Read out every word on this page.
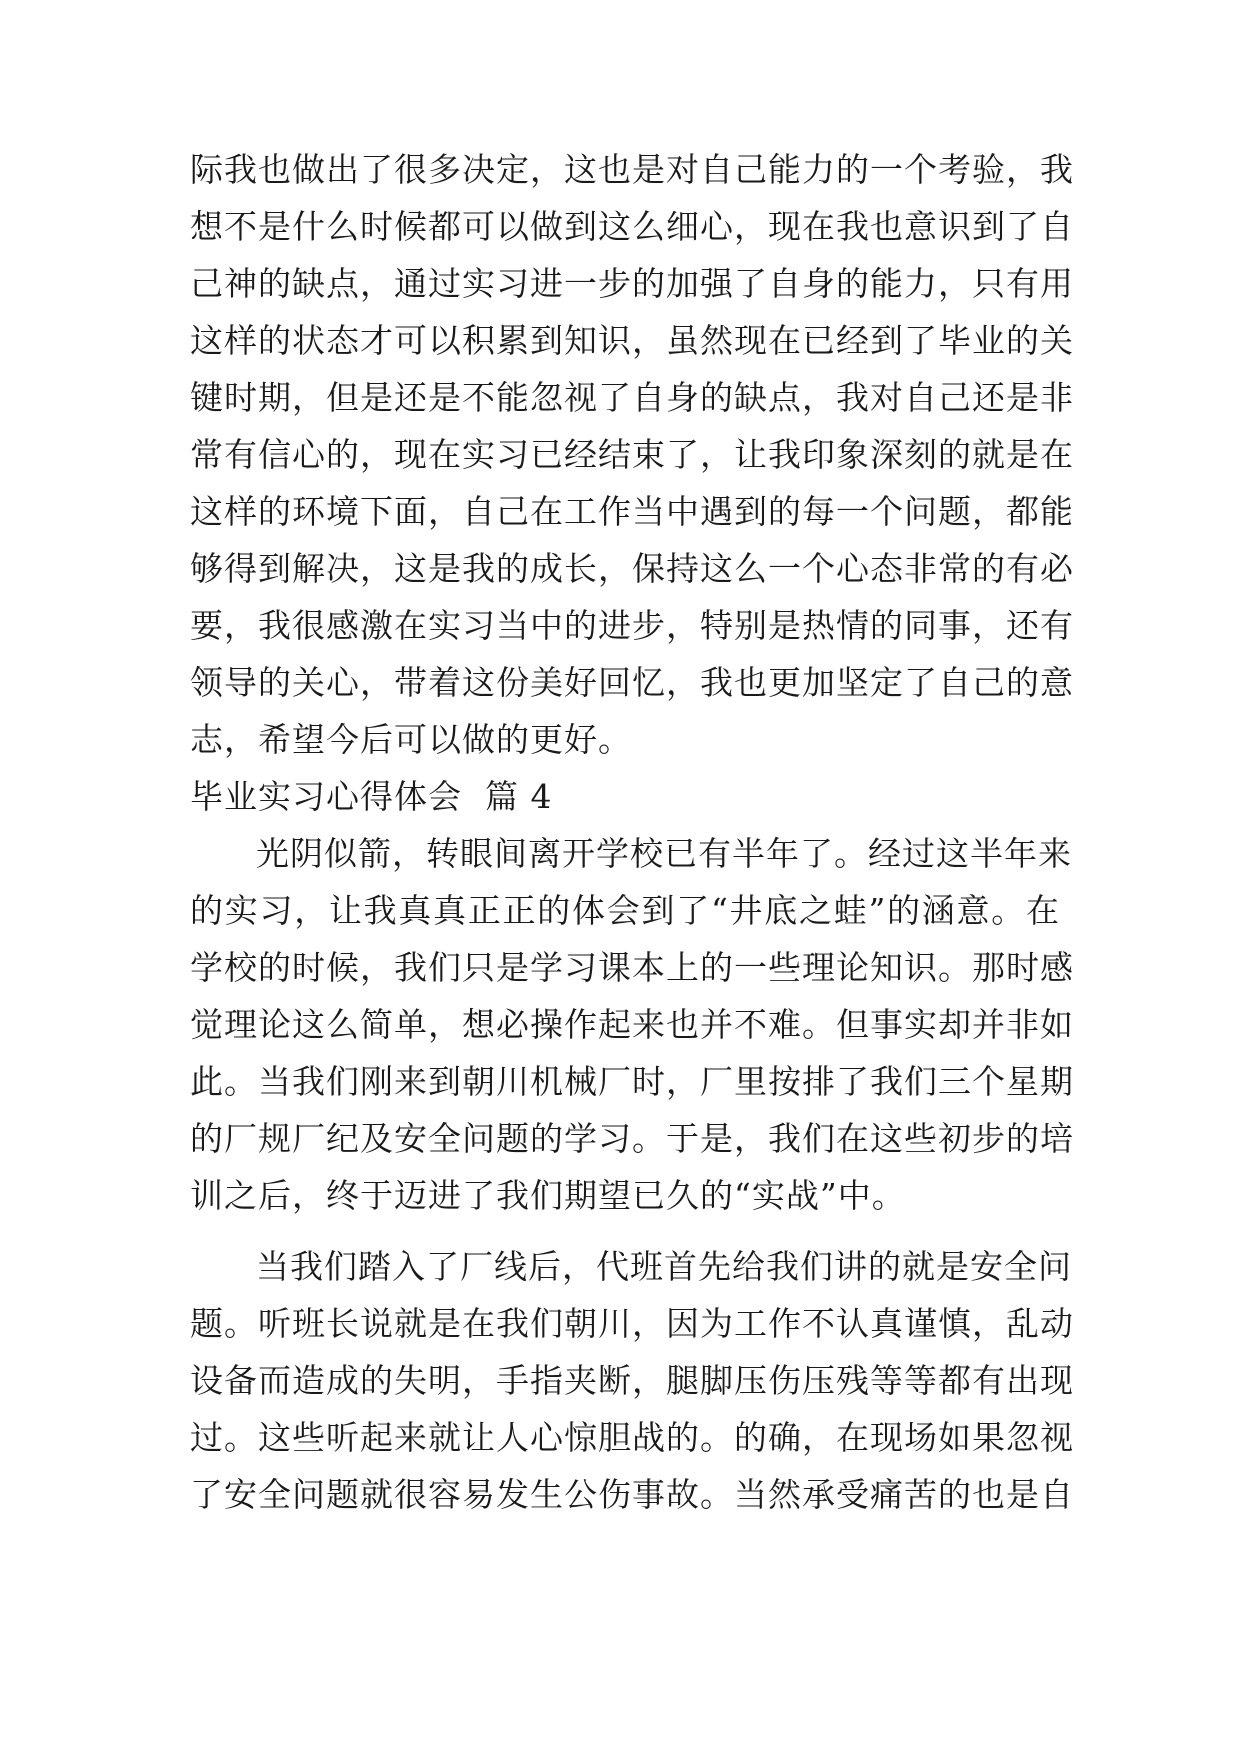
际我也做出了很多决定，这也是对自己能力的一个考验，我
想不是什么时候都可以做到这么细心，现在我也意识到了自
己神的缺点，通过实习进一步的加强了自身的能力，只有用
这样的状态才可以积累到知识，虽然现在已经到了毕业的关
键时期，但是还是不能忽视了自身的缺点，我对自己还是非
常有信心的，现在实习已经结束了，让我印象深刻的就是在
这样的环境下面，自己在工作当中遇到的每一个问题，都能
够得到解决，这是我的成长，保持这么一个心态非常的有必
要，我很感激在实习当中的进步，特别是热情的同事，还有
领导的关心，带着这份美好回忆，我也更加坚定了自己的意
志，希望今后可以做的更好。
毕业实习心得体会  篇 4
光阴似箭，转眼间离开学校已有半年了。经过这半年来
的实习，让我真真正正的体会到了“井底之蛙”的涵意。在
学校的时候，我们只是学习课本上的一些理论知识。那时感
觉理论这么简单，想必操作起来也并不难。但事实却并非如
此。当我们刚来到朝川机械厂时，厂里按排了我们三个星期
的厂规厂纪及安全问题的学习。于是，我们在这些初步的培
训之后，终于迈进了我们期望已久的“实战”中。
当我们踏入了厂线后，代班首先给我们讲的就是安全问
题。听班长说就是在我们朝川，因为工作不认真谨慎，乱动
设备而造成的失明，手指夹断，腿脚压伤压残等等都有出现
过。这些听起来就让人心惊胆战的。的确，在现场如果忽视
了安全问题就很容易发生公伤事故。当然承受痛苦的也是自
